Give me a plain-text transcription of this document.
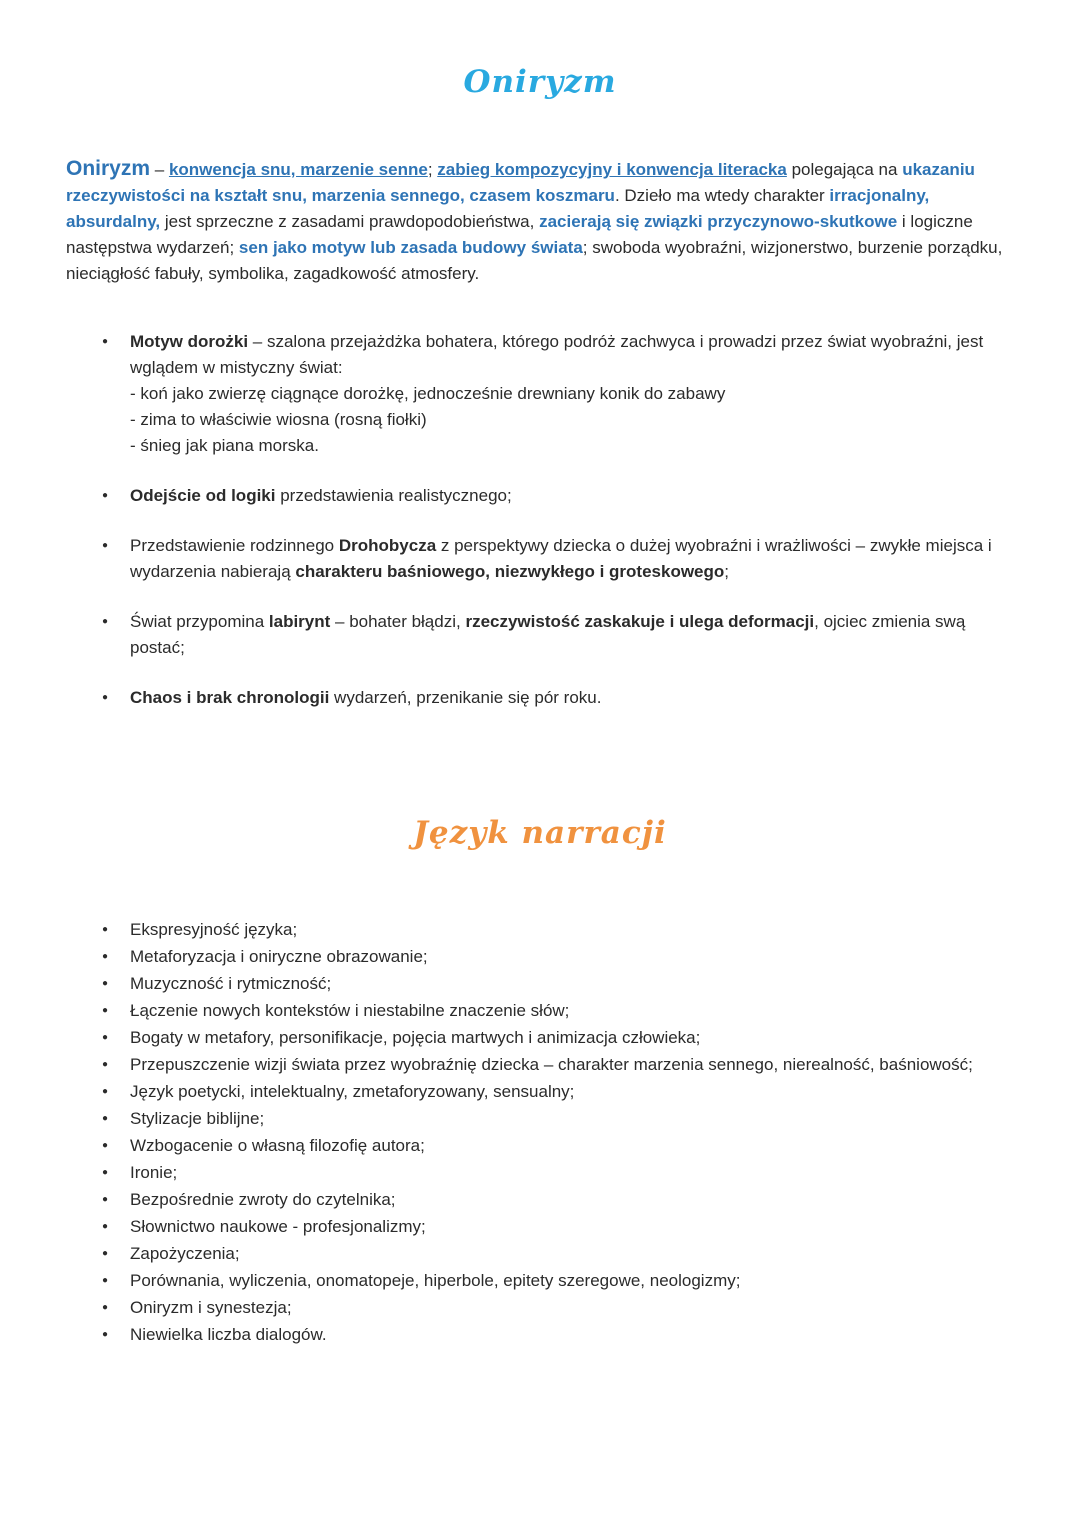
Oniryzm

Oniryzm – konwencja snu, marzenie senne; zabieg kompozycyjny i konwencja literacka polegająca na ukazaniu rzeczywistości na kształt snu, marzenia sennego, czasem koszmaru. Dzieło ma wtedy charakter irracjonalny, absurdalny, jest sprzeczne z zasadami prawdopodobieństwa, zacierają się związki przyczynowo-skutkowe i logiczne następstwa wydarzeń; sen jako motyw lub zasada budowy świata; swoboda wyobraźni, wizjonerstwo, burzenie porządku, nieciągłość fabuły, symbolika, zagadkowość atmosfery.

● Motyw dorożki – szalona przejażdżka bohatera, którego podróż zachwyca i prowadzi przez świat wyobraźni, jest wglądem w mistyczny świat:
- koń jako zwierzę ciągnące dorożkę, jednocześnie drewniany konik do zabawy
- zima to właściwie wiosna (rosną fiołki)
- śnieg jak piana morska.
● Odejście od logiki przedstawienia realistycznego;
● Przedstawienie rodzinnego Drohobycza z perspektywy dziecka o dużej wyobraźni i wrażliwości – zwykłe miejsca i wydarzenia nabierają charakteru baśniowego, niezwykłego i groteskowego;
● Świat przypomina labirynt – bohater błądzi, rzeczywistość zaskakuje i ulega deformacji, ojciec zmienia swą postać;
● Chaos i brak chronologii wydarzeń, przenikanie się pór roku.
Język narracji
● Ekspresyjność języka;
● Metaforyzacja i oniryczne obrazowanie;
● Muzyczność i rytmiczność;
● Łączenie nowych kontekstów i niestabilne znaczenie słów;
● Bogaty w metafory, personifikacje, pojęcia martwych i animizacja człowieka;
● Przepuszczenie wizji świata przez wyobraźnię dziecka – charakter marzenia sennego, nierealność, baśniowość;
● Język poetycki, intelektualny, zmetaforyzowany, sensualny;
● Stylizacje biblijne;
● Wzbogacenie o własną filozofię autora;
● Ironie;
● Bezpośrednie zwroty do czytelnika;
● Słownictwo naukowe - profesjonalizmy;
● Zapożyczenia;
● Porównania, wyliczenia, onomatopeje, hiperbole, epitety szeregowe, neologizmy;
● Oniryzm i synestezja;
● Niewielka liczba dialogów.
